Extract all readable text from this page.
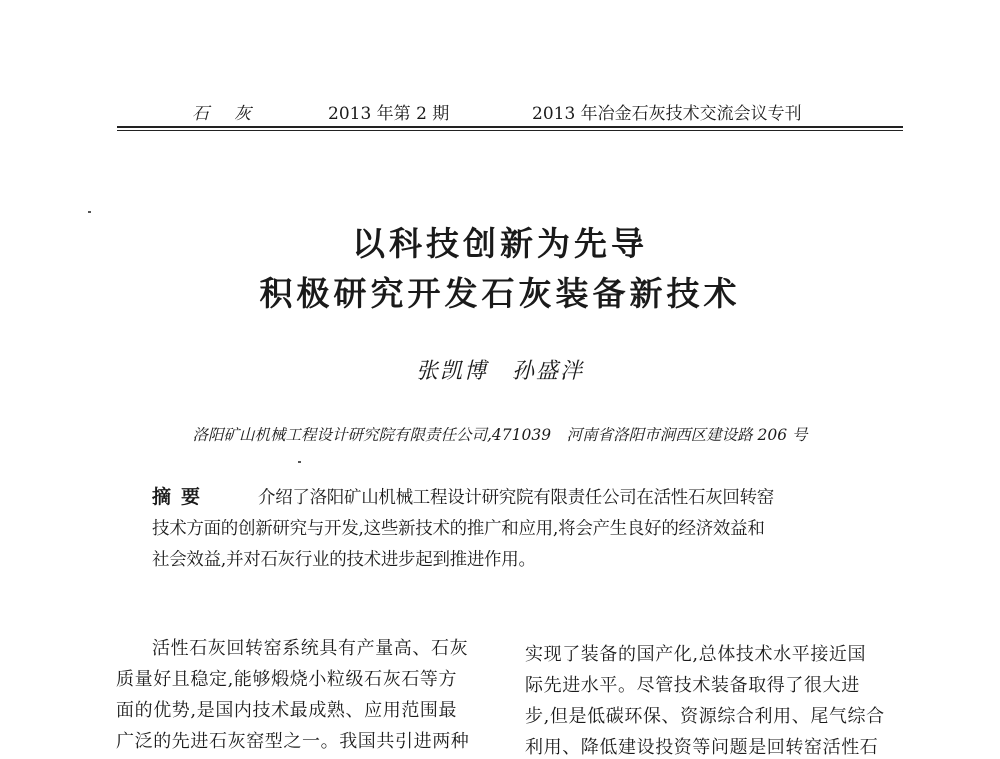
石　灰	2013 年第 2 期	2013 年冶金石灰技术交流会议专刊
以科技创新为先导
积极研究开发石灰装备新技术
张凯博　孙盛泮
洛阳矿山机械工程设计研究院有限责任公司,471039　河南省洛阳市涧西区建设路 206 号
摘要	介绍了洛阳矿山机械工程设计研究院有限责任公司在活性石灰回转窑
技术方面的创新研究与开发,这些新技术的推广和应用,将会产生良好的经济效益和
社会效益,并对石灰行业的技术进步起到推进作用。
活性石灰回转窑系统具有产量高、石灰
质量好且稳定,能够煅烧小粒级石灰石等方
面的优势,是国内技术最成熟、应用范围最
广泛的先进石灰窑型之一。我国共引进两种
实现了装备的国产化,总体技术水平接近国
际先进水平。尽管技术装备取得了很大进
步,但是低碳环保、资源综合利用、尾气综合
利用、降低建设投资等问题是回转窑活性石
